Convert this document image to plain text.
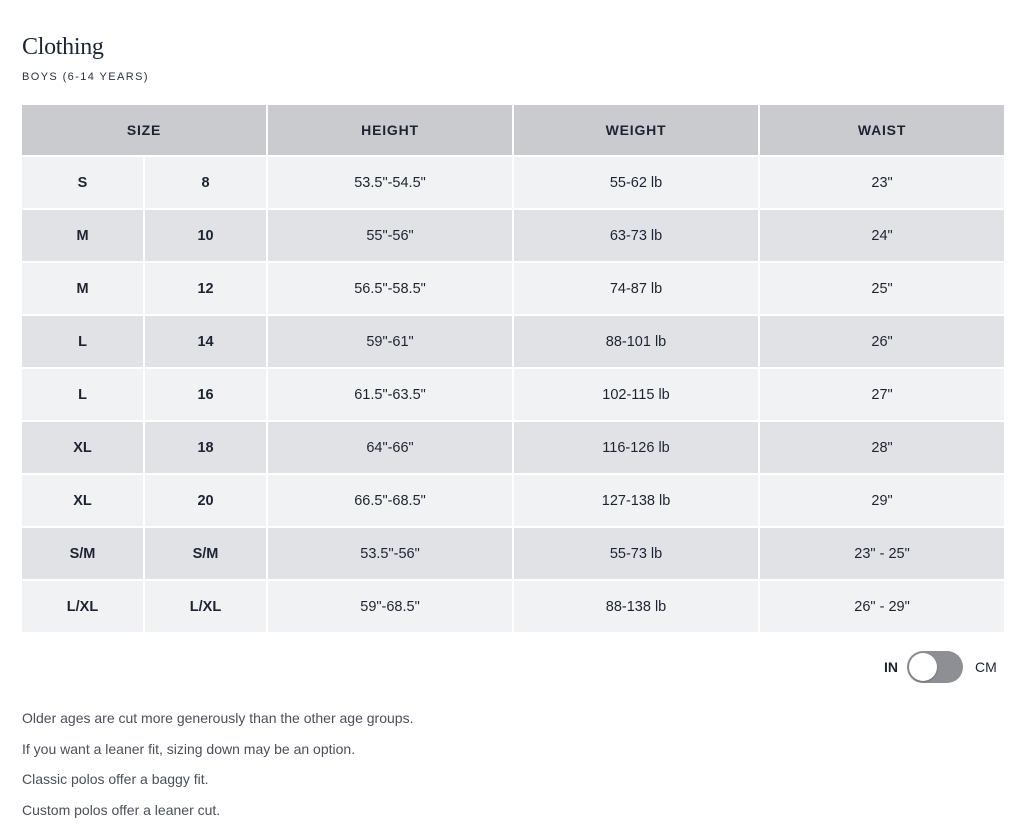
Clothing

BOYS (6-14 YEARS)

SIZE		HEIGHT	WEIGHT	WAIST
S	8	53.5"-54.5"	55-62 lb	23"
M	10	55"-56"	63-73 lb	24"
M	12	56.5"-58.5"	74-87 lb	25"
L	14	59"-61"	88-101 lb	26"
L	16	61.5"-63.5"	102-115 lb	27"
XL	18	64"-66"	116-126 lb	28"
XL	20	66.5"-68.5"	127-138 lb	29"
S/M	S/M	53.5"-56"	55-73 lb	23" - 25"
L/XL	L/XL	59"-68.5"	88-138 lb	26" - 29"
IN	CM
Older ages are cut more generously than the other age groups.
If you want a leaner fit, sizing down may be an option.
Classic polos offer a baggy fit.
Custom polos offer a leaner cut.
